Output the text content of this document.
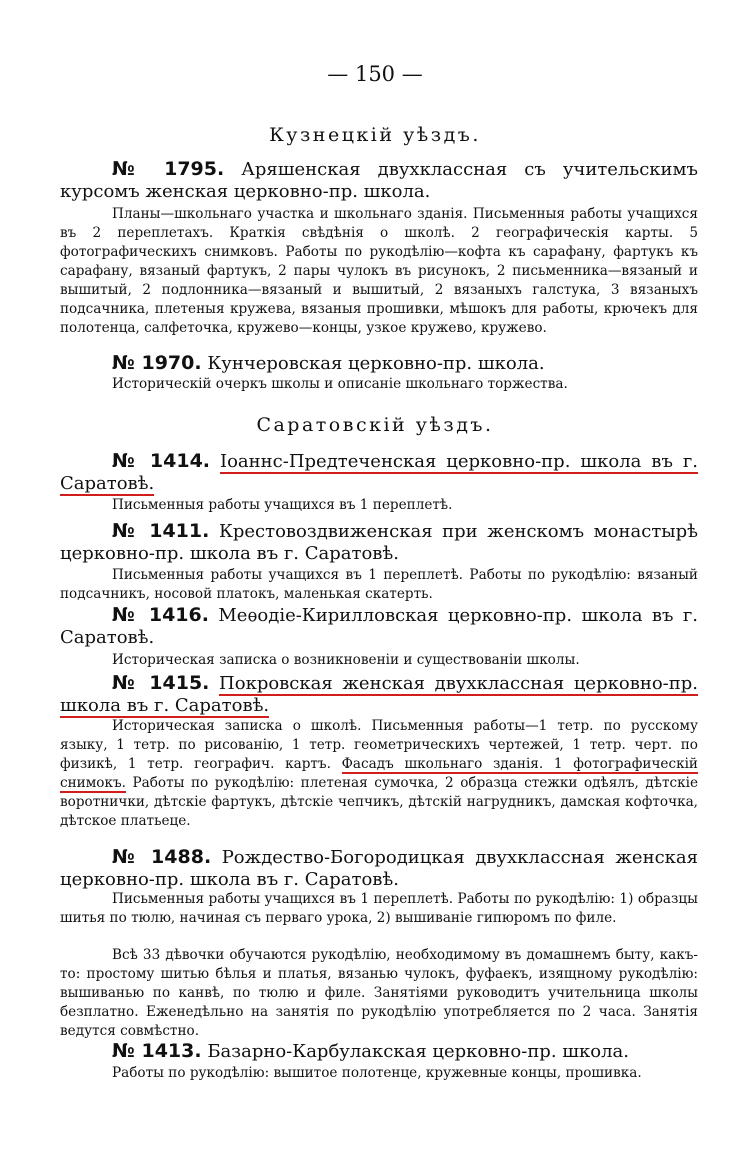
— 150 —
Кузнецкій уѣздъ.

№ 1795. Аряшенская двухклассная съ учительскимъ курсомъ женская церковно-пр. школа.

Планы—школьнаго участка и школьнаго зданія. Письменныя работы учащихся въ 2 переплетахъ. Краткія свѣдѣнія о школѣ. 2 географическія карты. 5 фотографическихъ снимковъ. Работы по рукодѣлію—кофта къ сарафану, фартукъ къ сарафану, вязаный фартукъ, 2 пары чулокъ въ рисунокъ, 2 письменника—вязаный и вышитый, 2 подлонника—вязаный и вышитый, 2 вязаныхъ галстука, 3 вязаныхъ подсачника, плетеныя кружева, вязаныя прошивки, мѣшокъ для работы, крючекъ для полотенца, салфеточка, кружево—концы, узкое кружево, кружево.

№ 1970. Кунчеровская церковно-пр. школа.

Историческій очеркъ школы и описаніе школьнаго торжества.

№ 1414. Іоаннс-Предтеченская церковно-пр. школа въ г. Саратовѣ.

Письменныя работы учащихся въ 1 переплетѣ.

№ 1411. Крестовоздвиженская при женскомъ монастырѣ церковно-пр. школа въ г. Саратовѣ.

Письменныя работы учащихся въ 1 переплетѣ. Работы по рукодѣлію: вязаный подсачникъ, носовой платокъ, маленькая скатерть.

№ 1416. Меѳодіе-Кирилловская церковно-пр. школа въ г. Саратовѣ.

Историческая записка о возникновеніи и существованіи школы.

№ 1415. Покровская женская двухклассная церковно-пр. школа въ г. Саратовѣ.

Историческая записка о школѣ. Письменныя работы—1 тетр. по русскому языку, 1 тетр. по рисованію, 1 тетр. геометрическихъ чертежей, 1 тетр. черт. по физикѣ, 1 тетр. географич. картъ. Фасадъ школьнаго зданія. 1 фотографическій снимокъ. Работы по рукодѣлію: плетеная сумочка, 2 образца стежки одѣялъ, дѣтскіе воротнички, дѣтскіе фартукъ, дѣтскіе чепчикъ, дѣтскій нагрудникъ, дамская кофточка, дѣтское платьеце.

№ 1488. Рождество-Богородицкая двухклассная женская церковно-пр. школа въ г. Саратовѣ.

Письменныя работы учащихся въ 1 переплетѣ. Работы по рукодѣлію: 1) образцы шитья по тюлю, начиная съ перваго урока, 2) вышиваніе гипюромъ по филе.

Всѣ 33 дѣвочки обучаются рукодѣлію, необходимому въ домашнемъ быту, какъ-то: простому шитью бѣлья и платья, вязанью чулокъ, фуфаекъ, изящному рукодѣлію: вышиванью по канвѣ, по тюлю и филе. Занятіями руководитъ учительница школы безплатно. Еженедѣльно на занятія по рукодѣлію употребляется по 2 часа. Занятія ведутся совмѣстно.

№ 1413. Базарно-Карбулакская церковно-пр. школа.

Работы по рукодѣлію: вышитое полотенце, кружевные концы, прошивка.

Саратовскій уѣздъ.
